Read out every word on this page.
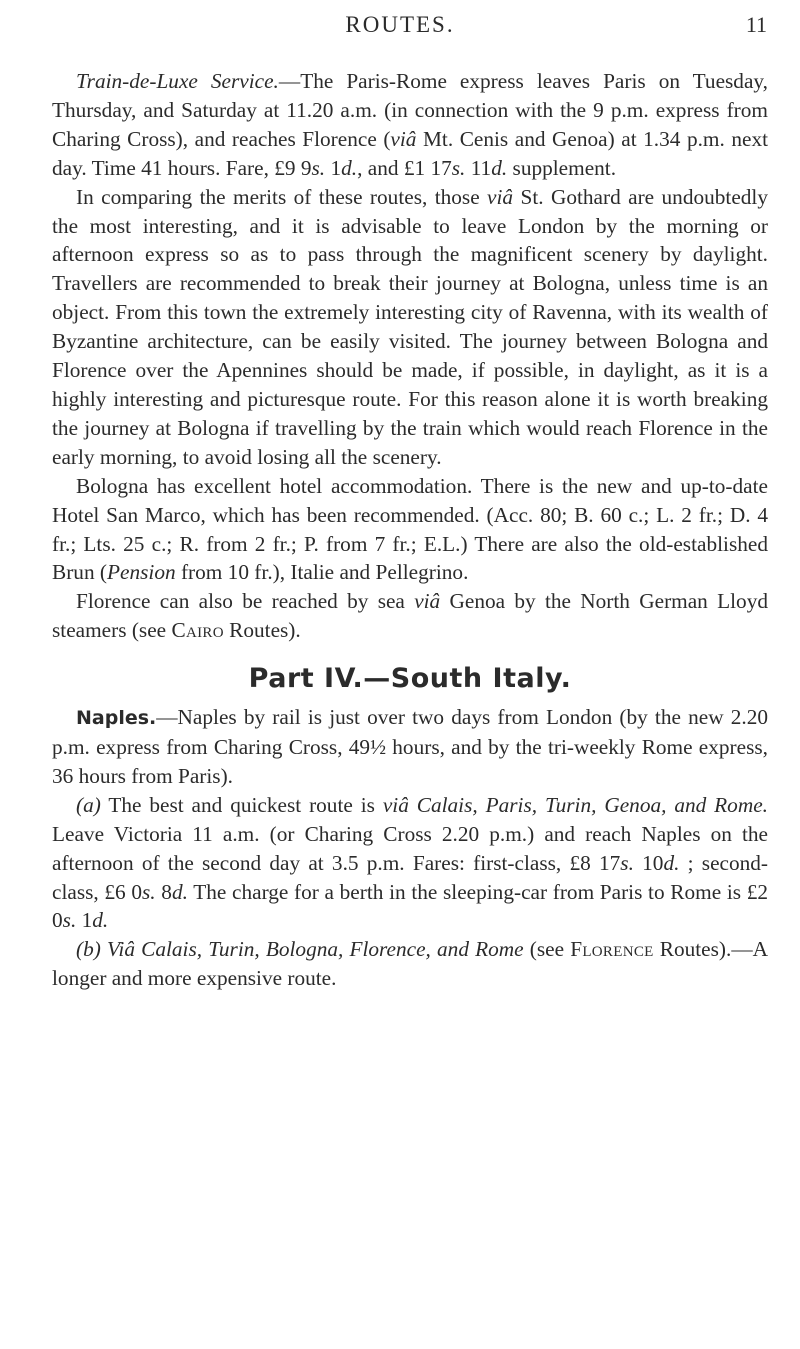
ROUTES.	11

Train-de-Luxe Service.—The Paris-Rome express leaves Paris on Tuesday, Thursday, and Saturday at 11.20 a.m. (in connection with the 9 p.m. express from Charing Cross), and reaches Florence (viâ Mt. Cenis and Genoa) at 1.34 p.m. next day. Time 41 hours. Fare, £9 9s. 1d., and £1 17s. 11d. supplement.

In comparing the merits of these routes, those viâ St. Gothard are undoubtedly the most interesting, and it is advisable to leave London by the morning or afternoon express so as to pass through the magnificent scenery by daylight. Travellers are recommended to break their journey at Bologna, unless time is an object. From this town the extremely interesting city of Ravenna, with its wealth of Byzantine architecture, can be easily visited. The journey between Bologna and Florence over the Apennines should be made, if possible, in daylight, as it is a highly interesting and picturesque route. For this reason alone it is worth breaking the journey at Bologna if travelling by the train which would reach Florence in the early morning, to avoid losing all the scenery.

Bologna has excellent hotel accommodation. There is the new and up-to-date Hotel San Marco, which has been recommended. (Acc. 80; B. 60 c.; L. 2 fr.; D. 4 fr.; Lts. 25 c.; R. from 2 fr.; P. from 7 fr.; E.L.) There are also the old-established Brun (Pension from 10 fr.), Italie and Pellegrino.

Florence can also be reached by sea viâ Genoa by the North German Lloyd steamers (see Cairo Routes).

Part IV.—South Italy.

Naples.—Naples by rail is just over two days from London (by the new 2.20 p.m. express from Charing Cross, 49½ hours, and by the tri-weekly Rome express, 36 hours from Paris).

(a) The best and quickest route is viâ Calais, Paris, Turin, Genoa, and Rome. Leave Victoria 11 a.m. (or Charing Cross 2.20 p.m.) and reach Naples on the afternoon of the second day at 3.5 p.m. Fares: first-class, £8 17s. 10d. ; second-class, £6 0s. 8d. The charge for a berth in the sleeping-car from Paris to Rome is £2 0s. 1d.

(b) Viâ Calais, Turin, Bologna, Florence, and Rome (see Florence Routes).—A longer and more expensive route.
